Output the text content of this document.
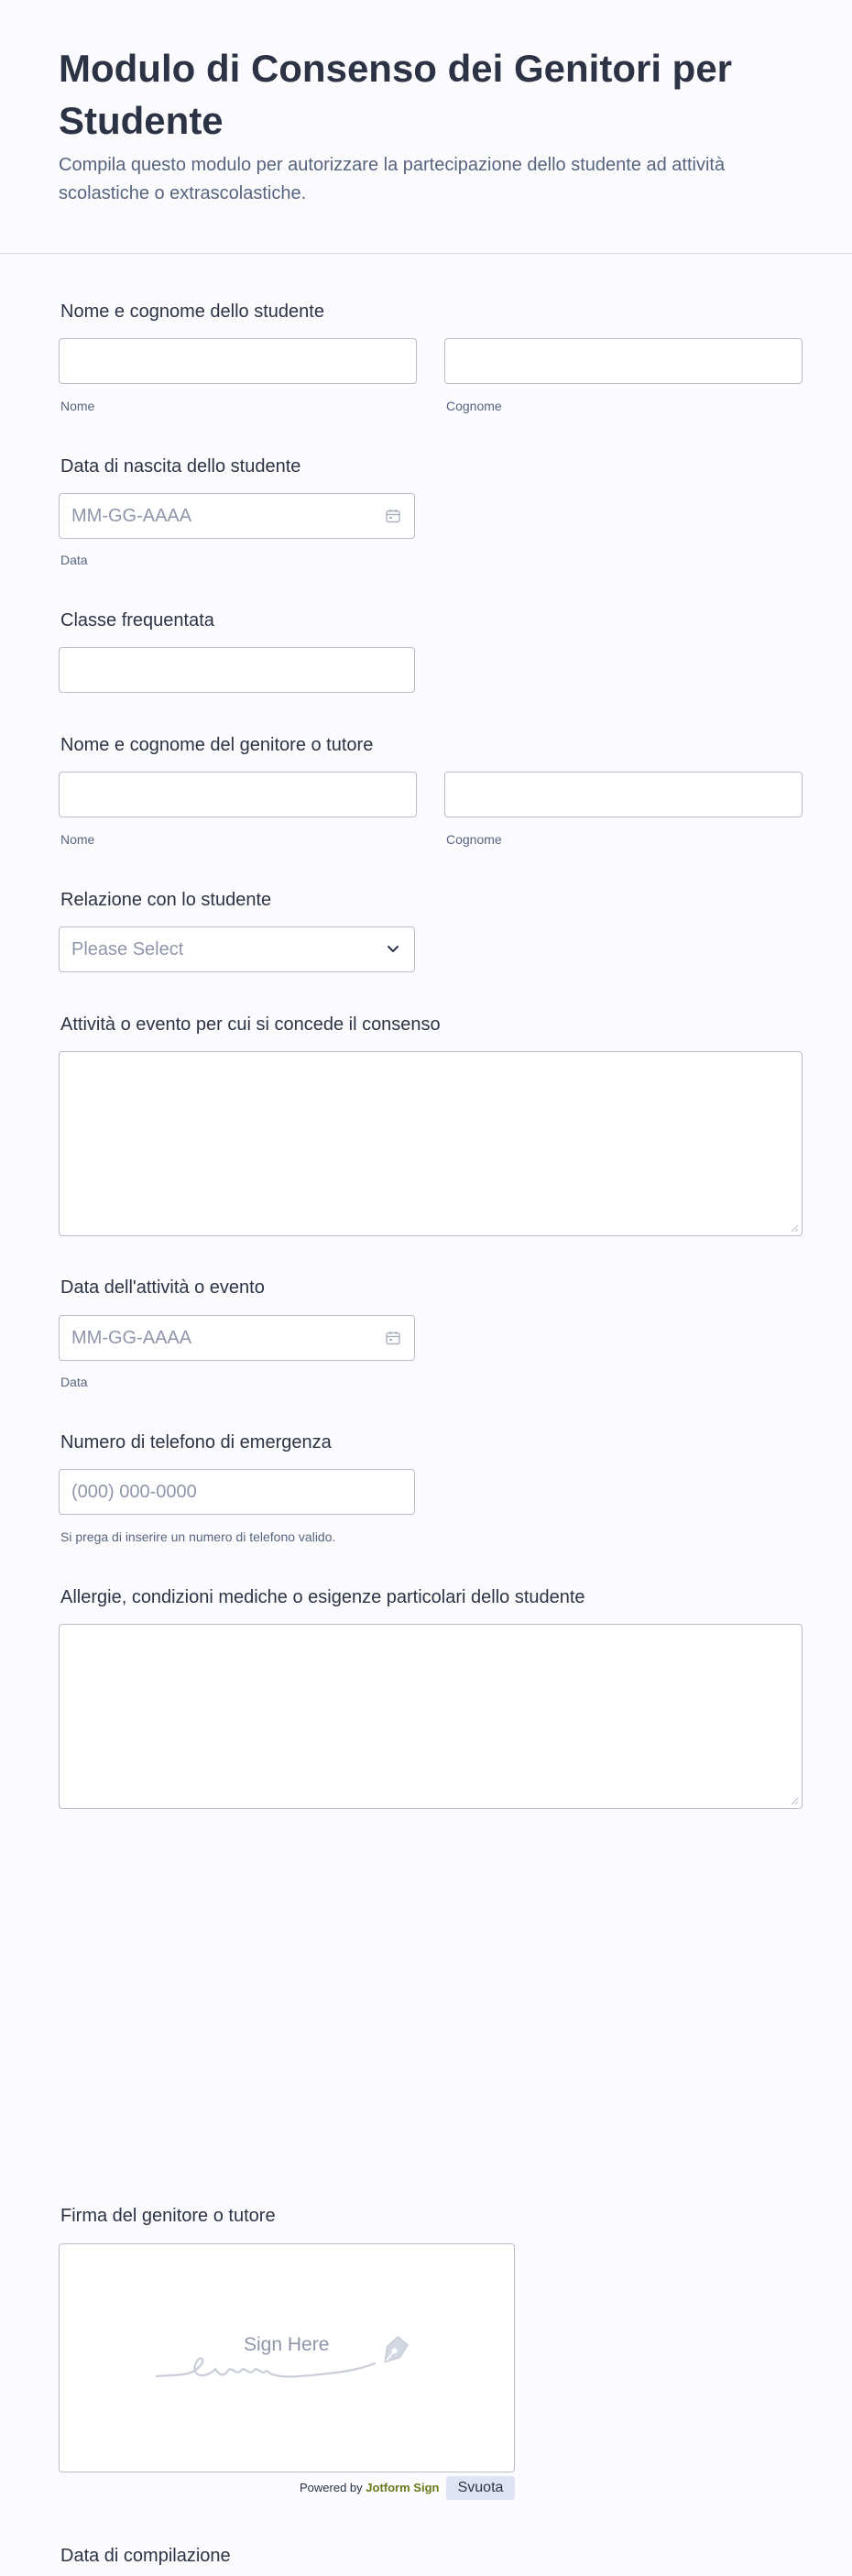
Modulo di Consenso dei Genitori per Studente

Compila questo modulo per autorizzare la partecipazione dello studente ad attività scolastiche o extrascolastiche.

Nome e cognome dello studente
Nome	Cognome
Data di nascita dello studente
MM-GG-AAAA
Data
Classe frequentata
Nome e cognome del genitore o tutore
Nome	Cognome
Relazione con lo studente
Please Select
Attività o evento per cui si concede il consenso
Data dell'attività o evento
MM-GG-AAAA
Data
Numero di telefono di emergenza
(000) 000-0000
Si prega di inserire un numero di telefono valido.
Allergie, condizioni mediche o esigenze particolari dello studente
Firma del genitore o tutore
Sign Here
Powered by Jotform Sign	Svuota
Data di compilazione
